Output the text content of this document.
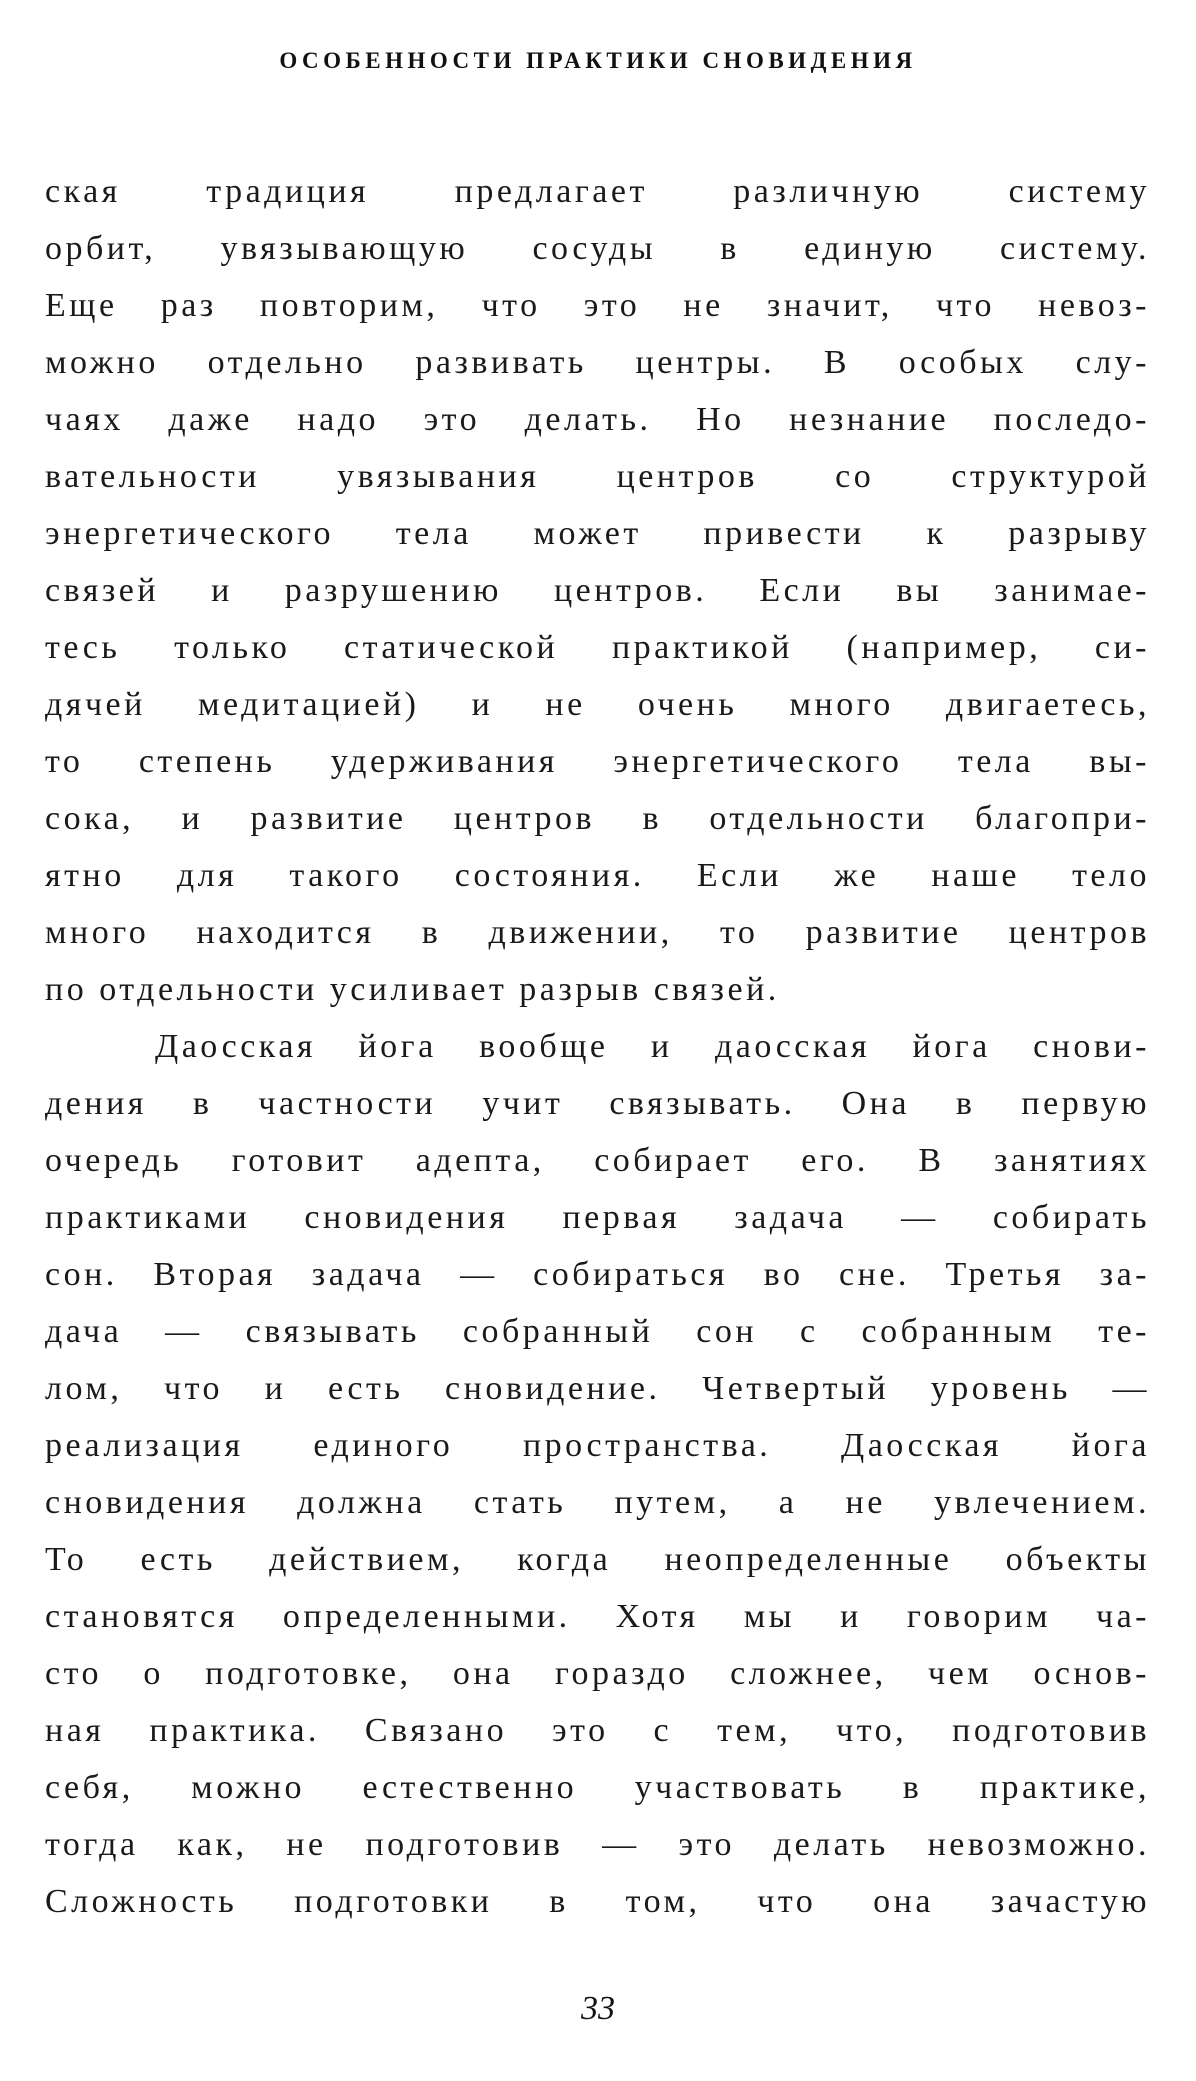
ОСОБЕННОСТИ ПРАКТИКИ СНОВИДЕНИЯ
ская традиция предлагает различную систему
орбит, увязывающую сосуды в единую систему.
Еще раз повторим, что это не значит, что невоз-
можно отдельно развивать центры. В особых слу-
чаях даже надо это делать. Но незнание последо-
вательности увязывания центров со структурой
энергетического тела может привести к разрыву
связей и разрушению центров. Если вы занимае-
тесь только статической практикой (например, си-
дячей медитацией) и не очень много двигаетесь,
то степень удерживания энергетического тела вы-
сока, и развитие центров в отдельности благопри-
ятно для такого состояния. Если же наше тело
много находится в движении, то развитие центров
по отдельности усиливает разрыв связей.
Даосская йога вообще и даосская йога снови-
дения в частности учит связывать. Она в первую
очередь готовит адепта, собирает его. В занятиях
практиками сновидения первая задача — собирать
сон. Вторая задача — собираться во сне. Третья за-
дача — связывать собранный сон с собранным те-
лом, что и есть сновидение. Четвертый уровень —
реализация единого пространства. Даосская йога
сновидения должна стать путем, а не увлечением.
То есть действием, когда неопределенные объекты
становятся определенными. Хотя мы и говорим ча-
сто о подготовке, она гораздо сложнее, чем основ-
ная практика. Связано это с тем, что, подготовив
себя, можно естественно участвовать в практике,
тогда как, не подготовив — это делать невозможно.
Сложность подготовки в том, что она зачастую
33
